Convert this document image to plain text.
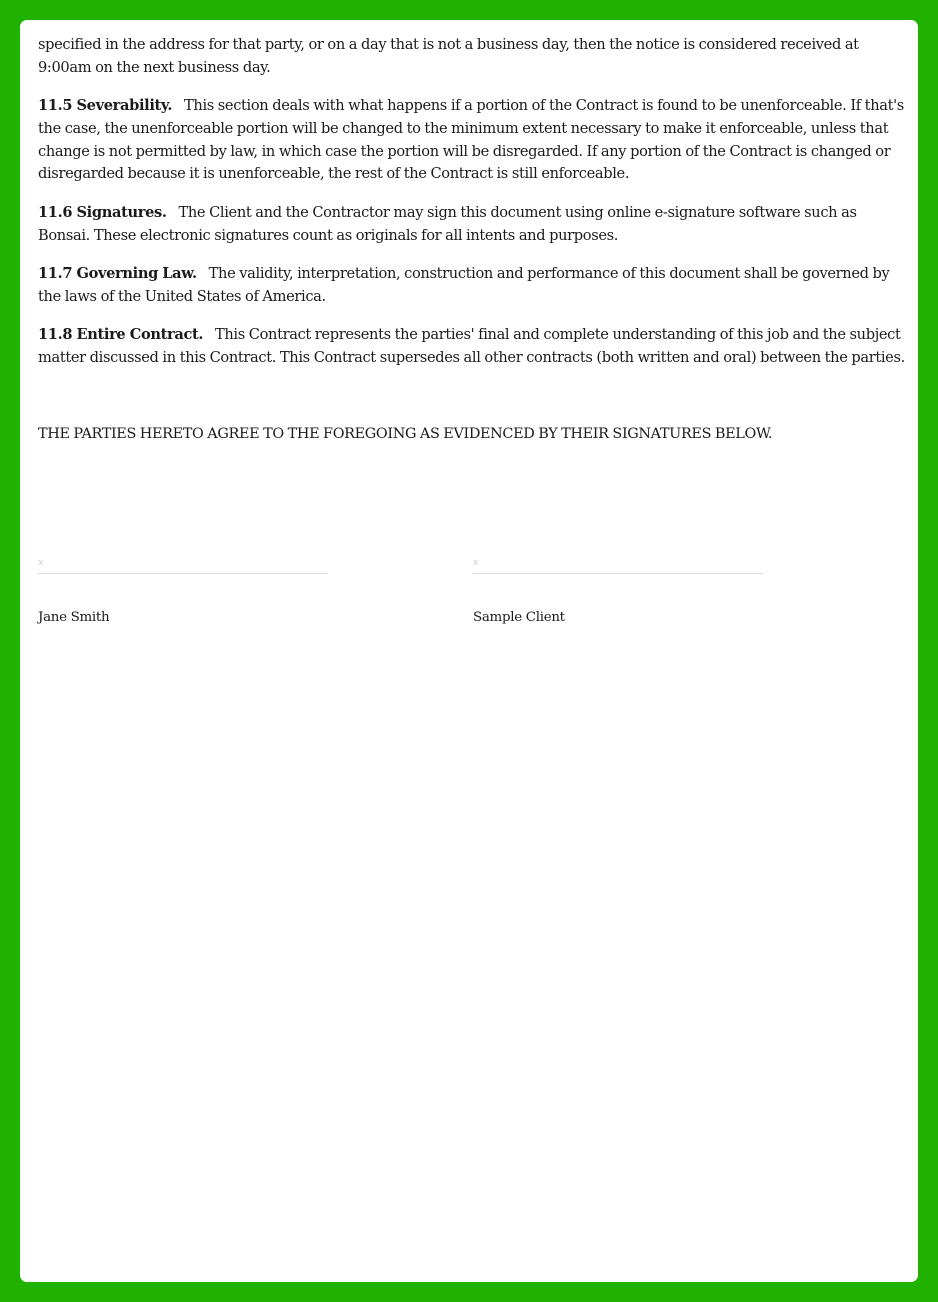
specified in the address for that party, or on a day that is not a business day, then the notice is considered received at 9:00am on the next business day.

11.5 Severability. This section deals with what happens if a portion of the Contract is found to be unenforceable. If that's the case, the unenforceable portion will be changed to the minimum extent necessary to make it enforceable, unless that change is not permitted by law, in which case the portion will be disregarded. If any portion of the Contract is changed or disregarded because it is unenforceable, the rest of the Contract is still enforceable.

11.6 Signatures. The Client and the Contractor may sign this document using online e-signature software such as Bonsai. These electronic signatures count as originals for all intents and purposes.

11.7 Governing Law. The validity, interpretation, construction and performance of this document shall be governed by the laws of the United States of America.

11.8 Entire Contract. This Contract represents the parties' final and complete understanding of this job and the subject matter discussed in this Contract. This Contract supersedes all other contracts (both written and oral) between the parties.

THE PARTIES HERETO AGREE TO THE FOREGOING AS EVIDENCED BY THEIR SIGNATURES BELOW.
x
Jane Smith
x
Sample Client
